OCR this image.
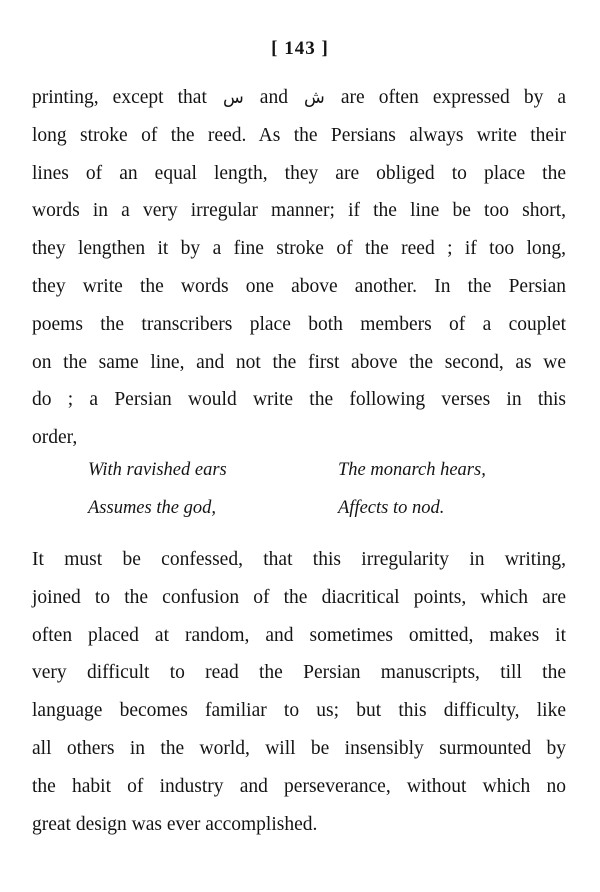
[ 143 ]
printing, except that س and ش are often expressed by a
long stroke of the reed. As the Persians always write their
lines of an equal length, they are obliged to place the
words in a very irregular manner; if the line be too short,
they lengthen it by a fine stroke of the reed ; if too long,
they write the words one above another. In the Persian
poems the transcribers place both members of a couplet
on the same line, and not the first above the second, as we
do ; a Persian would write the following verses in this
order,
With ravished ears	The monarch hears,
Assumes the god,	Affects to nod.
It must be confessed, that this irregularity in writing,
joined to the confusion of the diacritical points, which are
often placed at random, and sometimes omitted, makes it
very difficult to read the Persian manuscripts, till the
language becomes familiar to us; but this difficulty, like
all others in the world, will be insensibly surmounted by
the habit of industry and perseverance, without which no
great design was ever accomplished.
